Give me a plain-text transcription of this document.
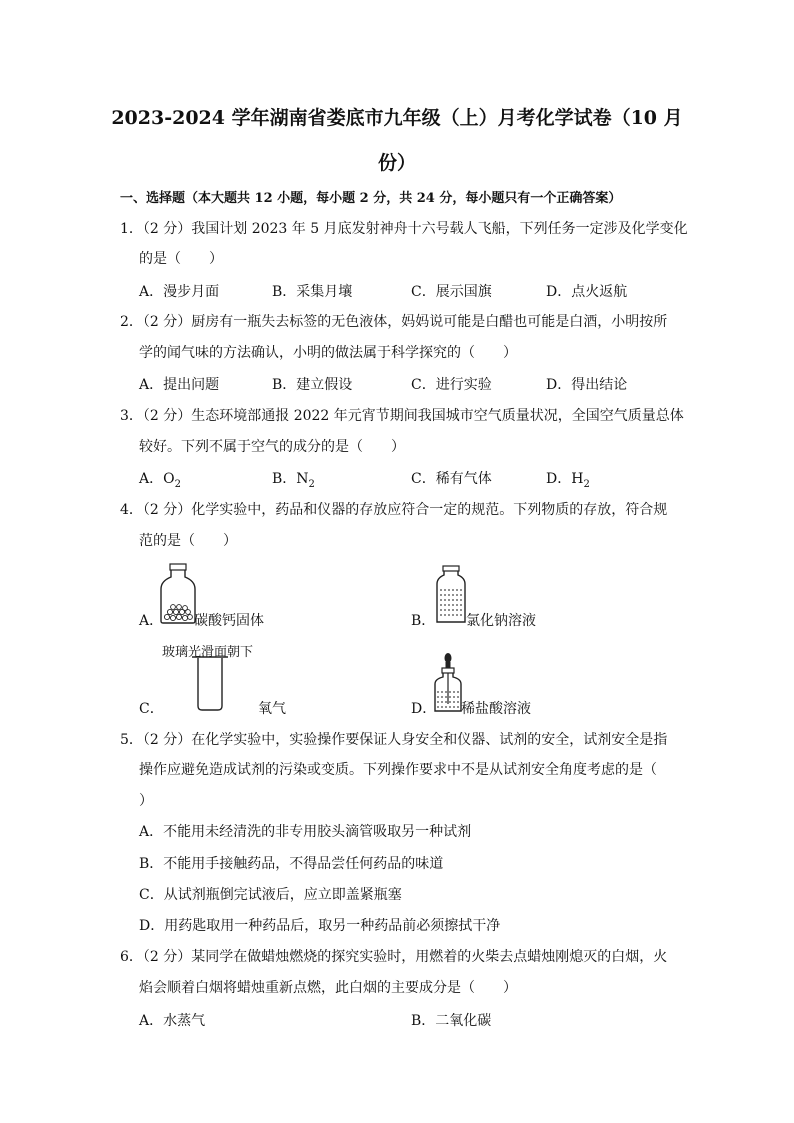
2023-2024 学年湖南省娄底市九年级（上）月考化学试卷（10 月
份）
一、选择题（本大题共 12 小题，每小题 2 分，共 24 分，每小题只有一个正确答案）
1．（2 分）我国计划 2023 年 5 月底发射神舟十六号载人飞船，下列任务一定涉及化学变化
的是（　　）
A．漫步月面	B．采集月壤	C．展示国旗	D．点火返航
2．（2 分）厨房有一瓶失去标签的无色液体，妈妈说可能是白醋也可能是白酒，小明按所
学的闻气味的方法确认，小明的做法属于科学探究的（　　）
A．提出问题	B．建立假设	C．进行实验	D．得出结论
3．（2 分）生态环境部通报 2022 年元宵节期间我国城市空气质量状况，全国空气质量总体
较好。下列不属于空气的成分的是（　　）
A．$O_2$	B．$N_2$	C．稀有气体	D．$H_2$
4．（2 分）化学实验中，药品和仪器的存放应符合一定的规范。下列物质的存放，符合规
范的是（　　）
A． 碳酸钙固体	B． 氯化钠溶液
玻璃光滑面朝下
C．	氧气	D． 稀盐酸溶液
5．（2 分）在化学实验中，实验操作要保证人身安全和仪器、试剂的安全，试剂安全是指
操作应避免造成试剂的污染或变质。下列操作要求中不是从试剂安全角度考虑的是（
）
A．不能用未经清洗的非专用胶头滴管吸取另一种试剂
B．不能用手接触药品，不得品尝任何药品的味道
C．从试剂瓶倒完试液后，应立即盖紧瓶塞
D．用药匙取用一种药品后，取另一种药品前必须擦拭干净
6．（2 分）某同学在做蜡烛燃烧的探究实验时，用燃着的火柴去点蜡烛刚熄灭的白烟，火
焰会顺着白烟将蜡烛重新点燃，此白烟的主要成分是（　　）
A．水蒸气	B．二氧化碳
